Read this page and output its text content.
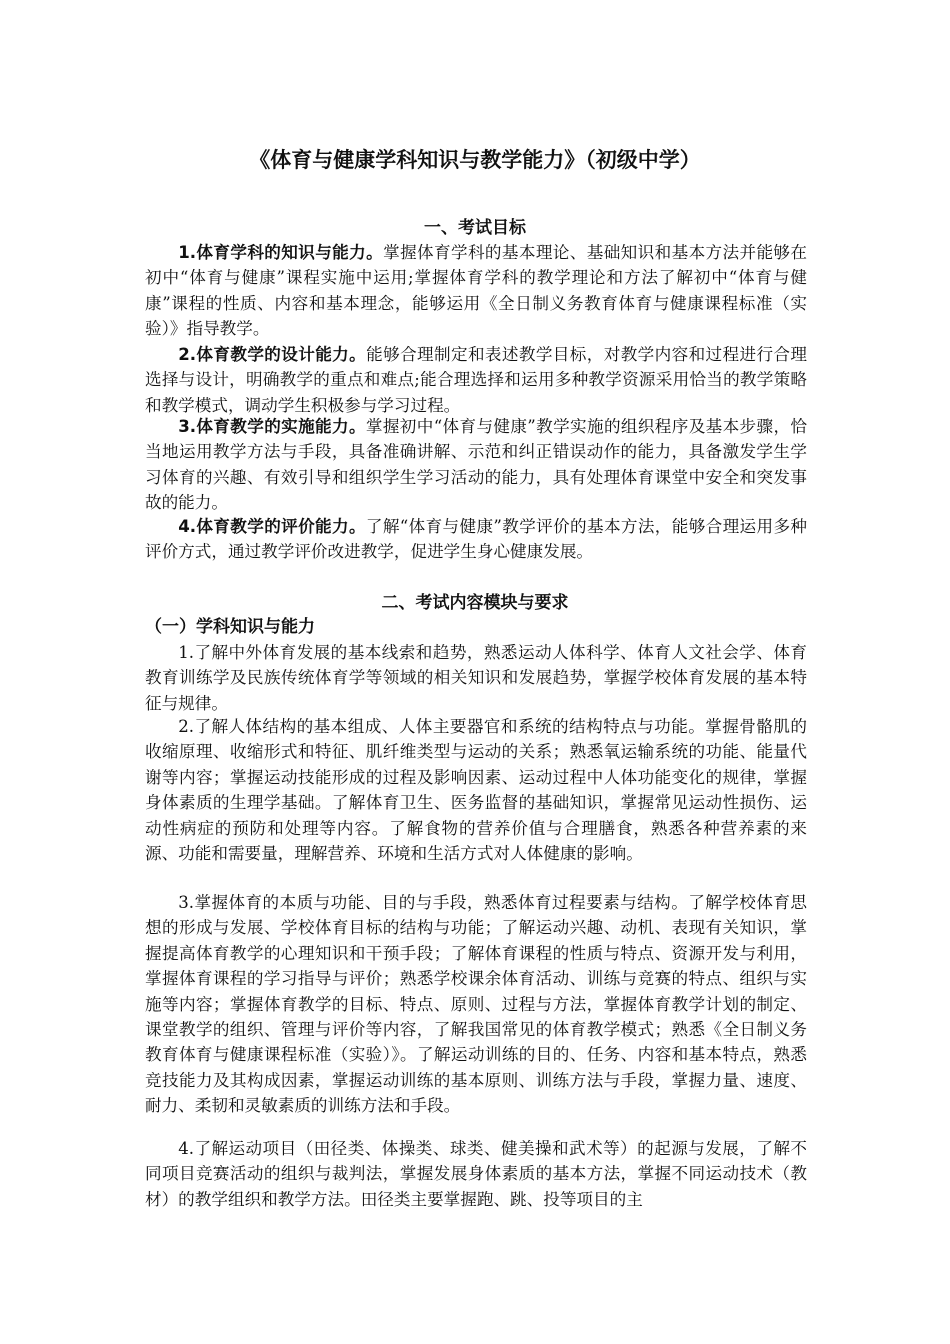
《体育与健康学科知识与教学能力》（初级中学）
一、考试目标
1.体育学科的知识与能力。掌握体育学科的基本理论、基础知识和基本方法并能够在初中“体育与健康”课程实施中运用;掌握体育学科的教学理论和方法了解初中“体育与健康”课程的性质、内容和基本理念，能够运用《全日制义务教育体育与健康课程标准（实验）》指导教学。
2.体育教学的设计能力。能够合理制定和表述教学目标，对教学内容和过程进行合理选择与设计，明确教学的重点和难点;能合理选择和运用多种教学资源采用恰当的教学策略和教学模式，调动学生积极参与学习过程。
3.体育教学的实施能力。掌握初中“体育与健康”教学实施的组织程序及基本步骤，恰当地运用教学方法与手段，具备准确讲解、示范和纠正错误动作的能力，具备激发学生学习体育的兴趣、有效引导和组织学生学习活动的能力，具有处理体育课堂中安全和突发事故的能力。
4.体育教学的评价能力。了解“体育与健康”教学评价的基本方法，能够合理运用多种评价方式，通过教学评价改进教学，促进学生身心健康发展。
二、考试内容模块与要求
（一）学科知识与能力
1.了解中外体育发展的基本线索和趋势，熟悉运动人体科学、体育人文社会学、体育教育训练学及民族传统体育学等领域的相关知识和发展趋势，掌握学校体育发展的基本特征与规律。
2.了解人体结构的基本组成、人体主要器官和系统的结构特点与功能。掌握骨骼肌的收缩原理、收缩形式和特征、肌纤维类型与运动的关系；熟悉氧运输系统的功能、能量代谢等内容；掌握运动技能形成的过程及影响因素、运动过程中人体功能变化的规律，掌握身体素质的生理学基础。了解体育卫生、医务监督的基础知识，掌握常见运动性损伤、运动性病症的预防和处理等内容。了解食物的营养价值与合理膳食，熟悉各种营养素的来源、功能和需要量，理解营养、环境和生活方式对人体健康的影响。
3.掌握体育的本质与功能、目的与手段，熟悉体育过程要素与结构。了解学校体育思想的形成与发展、学校体育目标的结构与功能；了解运动兴趣、动机、表现有关知识，掌握提高体育教学的心理知识和干预手段；了解体育课程的性质与特点、资源开发与利用，掌握体育课程的学习指导与评价；熟悉学校课余体育活动、训练与竞赛的特点、组织与实施等内容；掌握体育教学的目标、特点、原则、过程与方法，掌握体育教学计划的制定、课堂教学的组织、管理与评价等内容，了解我国常见的体育教学模式；熟悉《全日制义务教育体育与健康课程标准（实验）》。了解运动训练的目的、任务、内容和基本特点，熟悉竞技能力及其构成因素，掌握运动训练的基本原则、训练方法与手段，掌握力量、速度、耐力、柔韧和灵敏素质的训练方法和手段。
4.了解运动项目（田径类、体操类、球类、健美操和武术等）的起源与发展，了解不同项目竞赛活动的组织与裁判法，掌握发展身体素质的基本方法，掌握不同运动技术（教材）的教学组织和教学方法。田径类主要掌握跑、跳、投等项目的主
